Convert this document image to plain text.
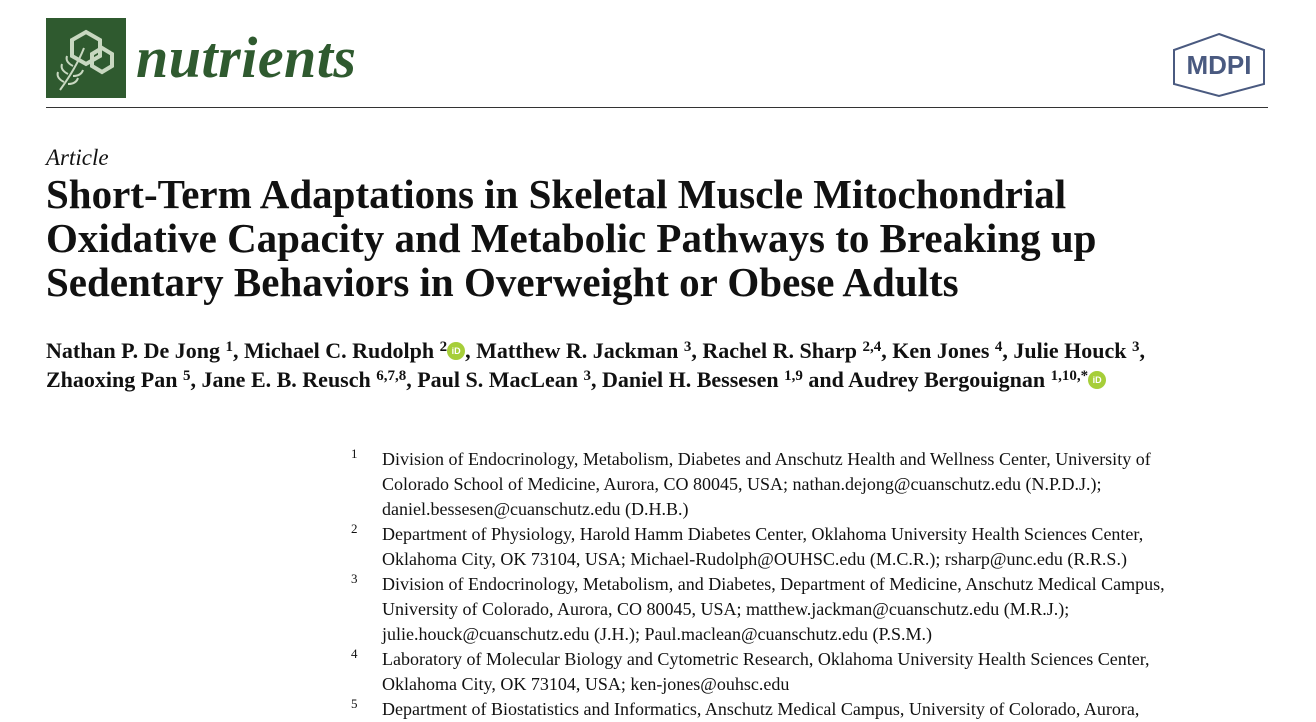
nutrients	MDPI
Article
Short-Term Adaptations in Skeletal Muscle Mitochondrial
Oxidative Capacity and Metabolic Pathways to Breaking up
Sedentary Behaviors in Overweight or Obese Adults
Nathan P. De Jong $^1$, Michael C. Rudolph $^2$ iD , Matthew R. Jackman $^3$, Rachel R. Sharp $^{2,4}$, Ken Jones $^4$, Julie Houck $^3$,
Zhaoxing Pan $^5$, Jane E. B. Reusch $^{6,7,8}$, Paul S. MacLean $^3$, Daniel H. Bessesen $^{1,9}$ and Audrey Bergouignan $^{1,10,*}$ iD
1 Division of Endocrinology, Metabolism, Diabetes and Anschutz Health and Wellness Center, University of
Colorado School of Medicine, Aurora, CO 80045, USA; nathan.dejong@cuanschutz.edu (N.P.D.J.);
daniel.bessesen@cuanschutz.edu (D.H.B.)
2 Department of Physiology, Harold Hamm Diabetes Center, Oklahoma University Health Sciences Center,
Oklahoma City, OK 73104, USA; Michael-Rudolph@OUHSC.edu (M.C.R.); rsharp@unc.edu (R.R.S.)
3 Division of Endocrinology, Metabolism, and Diabetes, Department of Medicine, Anschutz Medical Campus,
University of Colorado, Aurora, CO 80045, USA; matthew.jackman@cuanschutz.edu (M.R.J.);
julie.houck@cuanschutz.edu (J.H.); Paul.maclean@cuanschutz.edu (P.S.M.)
4 Laboratory of Molecular Biology and Cytometric Research, Oklahoma University Health Sciences Center,
Oklahoma City, OK 73104, USA; ken-jones@ouhsc.edu
5 Department of Biostatistics and Informatics, Anschutz Medical Campus, University of Colorado, Aurora,
